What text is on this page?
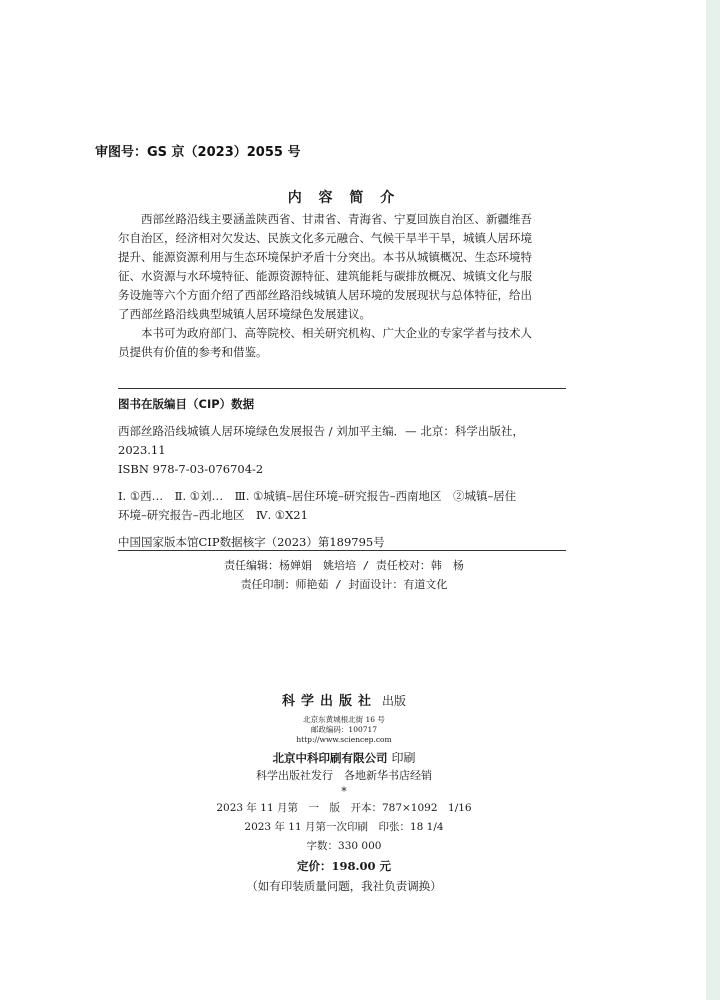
审图号：GS 京（2023）2055 号
内 容 简 介

西部丝路沿线主要涵盖陕西省、甘肃省、青海省、宁夏回族自治区、新疆维吾

尔自治区，经济相对欠发达、民族文化多元融合、气候干旱半干旱，城镇人居环境
提升、能源资源利用与生态环境保护矛盾十分突出。本书从城镇概况、生态环境特
征、水资源与水环境特征、能源资源特征、建筑能耗与碳排放概况、城镇文化与服
务设施等六个方面介绍了西部丝路沿线城镇人居环境的发展现状与总体特征，给出
了西部丝路沿线典型城镇人居环境绿色发展建议。

本书可为政府部门、高等院校、相关研究机构、广大企业的专家学者与技术人

员提供有价值的参考和借鉴。

图书在版编目（CIP）数据
西部丝路沿线城镇人居环境绿色发展报告 / 刘加平主编．— 北京：科学出版社，
2023.11
ISBN 978-7-03-076704-2
Ⅰ. ①西…　Ⅱ. ①刘…　Ⅲ. ①城镇–居住环境–研究报告–西南地区　②城镇–居住
环境–研究报告–西北地区　Ⅳ. ①X21
中国国家版本馆CIP数据核字（2023）第189795号
责任编辑：杨婵娟　姚培培 / 责任校对：韩　杨
责任印制：师艳茹 / 封面设计：有道文化
科学出版社 出版
北京东黄城根北街 16 号
邮政编码：100717
http://www.sciencep.com
北京中科印刷有限公司 印刷
科学出版社发行　各地新华书店经销
*
2023 年 11 月第　一　版　开本：787×1092　1/16
2023 年 11 月第一次印刷　印张：18 1/4
字数：330 000
定价：198.00 元
（如有印装质量问题，我社负责调换）
